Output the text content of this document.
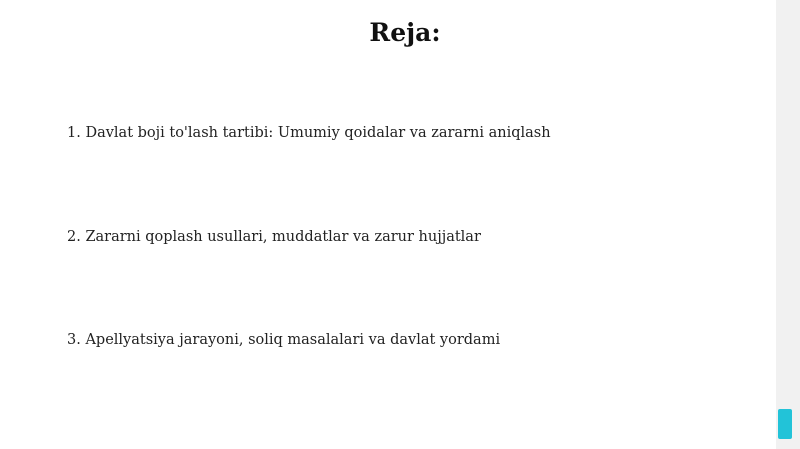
Reja:
1. Davlat boji to'lash tartibi: Umumiy qoidalar va zararni aniqlash
2. Zararni qoplash usullari, muddatlar va zarur hujjatlar
3. Apellyatsiya jarayoni, soliq masalalari va davlat yordami
